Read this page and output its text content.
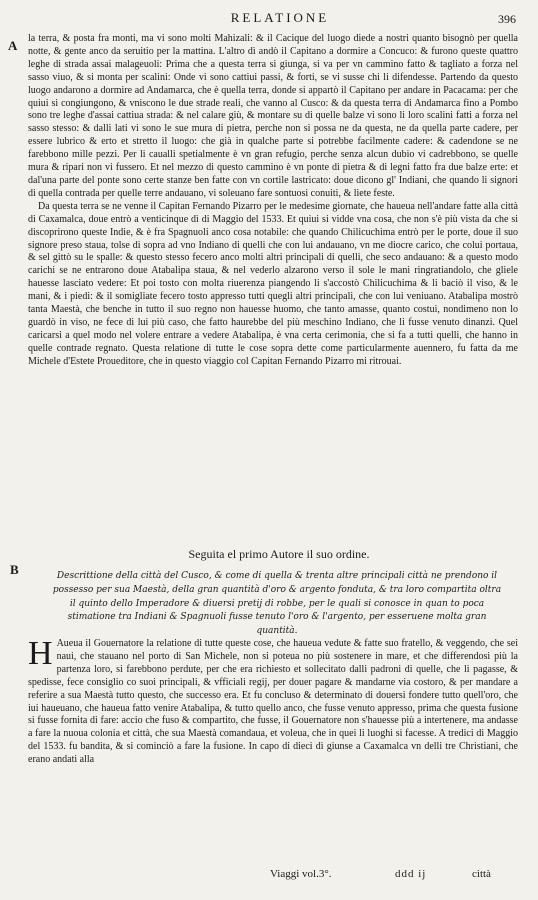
RELATIONE	396
A
B

la terra, & posta fra monti, ma vi sono molti Mahizali: & il Cacique del luogo diede a nostri quanto bisognò per quella notte, & gente anco da seruitio per la mattina. L'altro dì andò il Capitano a dormire a Concuco: & furono queste quattro leghe di strada assai malageuoli: Prima che a questa terra si giunga, si va per vn cammino fatto & tagliato a forza nel sasso viuo, & si monta per scalini: Onde vi sono cattiui passi, & forti, se vi susse chi li difendesse. Partendo da questo luogo andarono a dormire ad Andamarca, che è quella terra, donde si appartò il Capitano per andare in Pacacama: per che quiui si congiungono, & vniscono le due strade reali, che vanno al Cusco: & da questa terra di Andamarca fino a Pombo sono tre leghe d'assai cattiua strada: & nel calare giù, & montare su di quelle balze vi sono li loro scalini fatti a forza nel sasso stesso: & dalli lati vi sono le sue mura di pietra, perche non si possa ne da questa, ne da quella parte cadere, per essere lubrico & erto et stretto il luogo: che già in qualche parte si potrebbe facilmente cadere: & cadendone se ne farebbono mille pezzi. Per li caualli spetialmente è vn gran refugio, perche senza alcun dubio vi cadrebbono, se quelle mura & ripari non vi fussero. Et nel mezzo di questo cammino è vn ponte di pietra & di legni fatto fra due balze erte: et dal'una parte del ponte sono certe stanze ben fatte con vn cortile lastricato: doue dicono gl' Indiani, che quando li signori di quella contrada per quelle terre andauano, vi soleuano fare sontuosi conuiti, & liete feste.

Da questa terra se ne venne il Capitan Fernando Pizarro per le medesime giornate, che haueua nell'andare fatte alla città di Caxamalca, doue entrò a venticinque dì di Maggio del 1533. Et quiui si vidde vna cosa, che non s'è più vista da che si discoprirono queste Indie, & è fra Spagnuoli anco cosa notabile: che quando Chilicuchima entrò per le porte, doue il suo signore preso staua, tolse di sopra ad vno Indiano di quelli che con lui andauano, vn me diocre carico, che colui portaua, & sel gittò su le spalle: & questo stesso fecero anco molti altri principali di quelli, che seco andauano: & a questo modo carichi se ne entrarono doue Atabalipa staua, & nel vederlo alzarono verso il sole le mani ringratiandolo, che gliele hauesse lasciato vedere: Et poi tosto con molta riuerenza piangendo li s'accostò Chilicuchima & li baciò il viso, & le mani, & i piedi: & il somigliate fecero tosto appresso tutti quegli altri principali, che con lui veniuano. Atabalipa mostrò tanta Maestà, che benche in tutto il suo regno non hauesse huomo, che tanto amasse, quanto costui, nondimeno non lo guardò in viso, ne fece di lui più caso, che fatto haurebbe del più meschino Indiano, che li fusse venuto dinanzi. Quel caricarsi a quel modo nel volere entrare a vedere Atabalipa, è vna certa cerimonia, che si fa a tutti quelli, che hanno in quelle contrade regnato. Questa relatione di tutte le cose sopra dette come particularmente auennero, fu fatta da me Michele d'Estete Proueditore, che in questo viaggio col Capitan Fernando Pizarro mi ritrouai.

Seguita el primo Autore il suo ordine.
Descrittione della città del Cusco, & come di quella & trenta altre principali città ne prendono il possesso per sua Maestà, della gran quantità d'oro & argento fonduta, & tra loro compartita oltra il quinto dello Imperadore & diuersi pretij di robbe, per le quali si conosce in quan to poca stimatione tra Indiani & Spagnuoli fusse tenuto l'oro & l'argento, per esseruene molta gran quantità.

H Aueua il Gouernatore la relatione di tutte queste cose, che haueua vedute & fatte suo fratello, & veggendo, che sei naui, che stauano nel porto di San Michele, non si poteua no più sostenere in mare, et che differendosi più la partenza loro, si farebbono perdute, per che era richiesto et sollecitato dalli padroni di quelle, che li pagasse, & spedisse, fece consiglio co suoi principali, & vfficiali regij, per douer pagare & mandarne via costoro, & per mandare a referire a sua Maestà tutto questo, che successo era. Et fu concluso & determinato di douersi fondere tutto quell'oro, che iui haueuano, che haueua fatto venire Atabalipa, & tutto quello anco, che fusse venuto appresso, prima che questa fusione si fusse fornita di fare: accio che fuso & compartito, che fusse, il Gouernatore non s'hauesse più a intertenere, ma andasse a fare la nuoua colonia et città, che sua Maestà comandaua, et voleua, che in quei li luoghi si facesse. A tredici di Maggio del 1533. fu bandita, & si cominciò a fare la fusione. In capo di dieci dì giunse a Caxamalca vn delli tre Christiani, che erano andati alla

Viaggi vol.3°.	ddd ij	città
